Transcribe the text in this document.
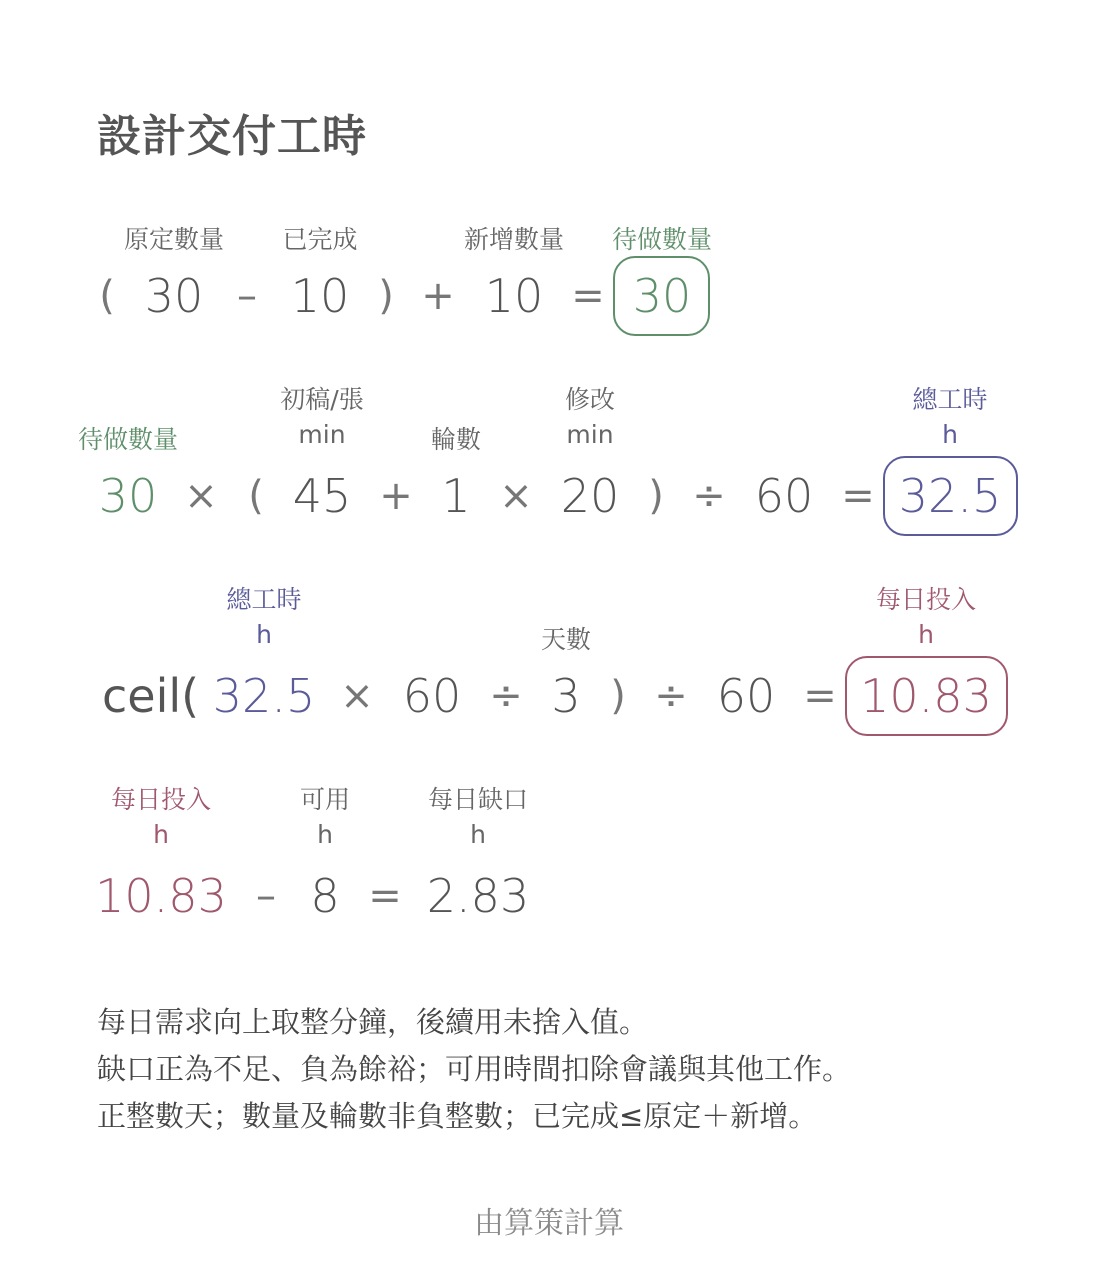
設計交付工時
原定數量 已完成	新增數量 待做數量
( 30 – 10 ) + 10 = 30
初稿/張	修改	總工時
待做數量	min	輪數	min	h
30 × ( 45 + 1 × 20 ) ÷ 60 = 32.5
總工時	每日投入
h	天數	h
ceil( 32.5 × 60 ÷ 3 ) ÷ 60 = 10.83
每日投入	可用	每日缺口
h	h	h
10.83 – 8 = 2.83
每日需求向上取整分鐘，後續用未捨入值。
缺口正為不足、負為餘裕；可用時間扣除會議與其他工作。
正整數天；數量及輪數非負整數；已完成≤原定＋新增。
由算策計算
